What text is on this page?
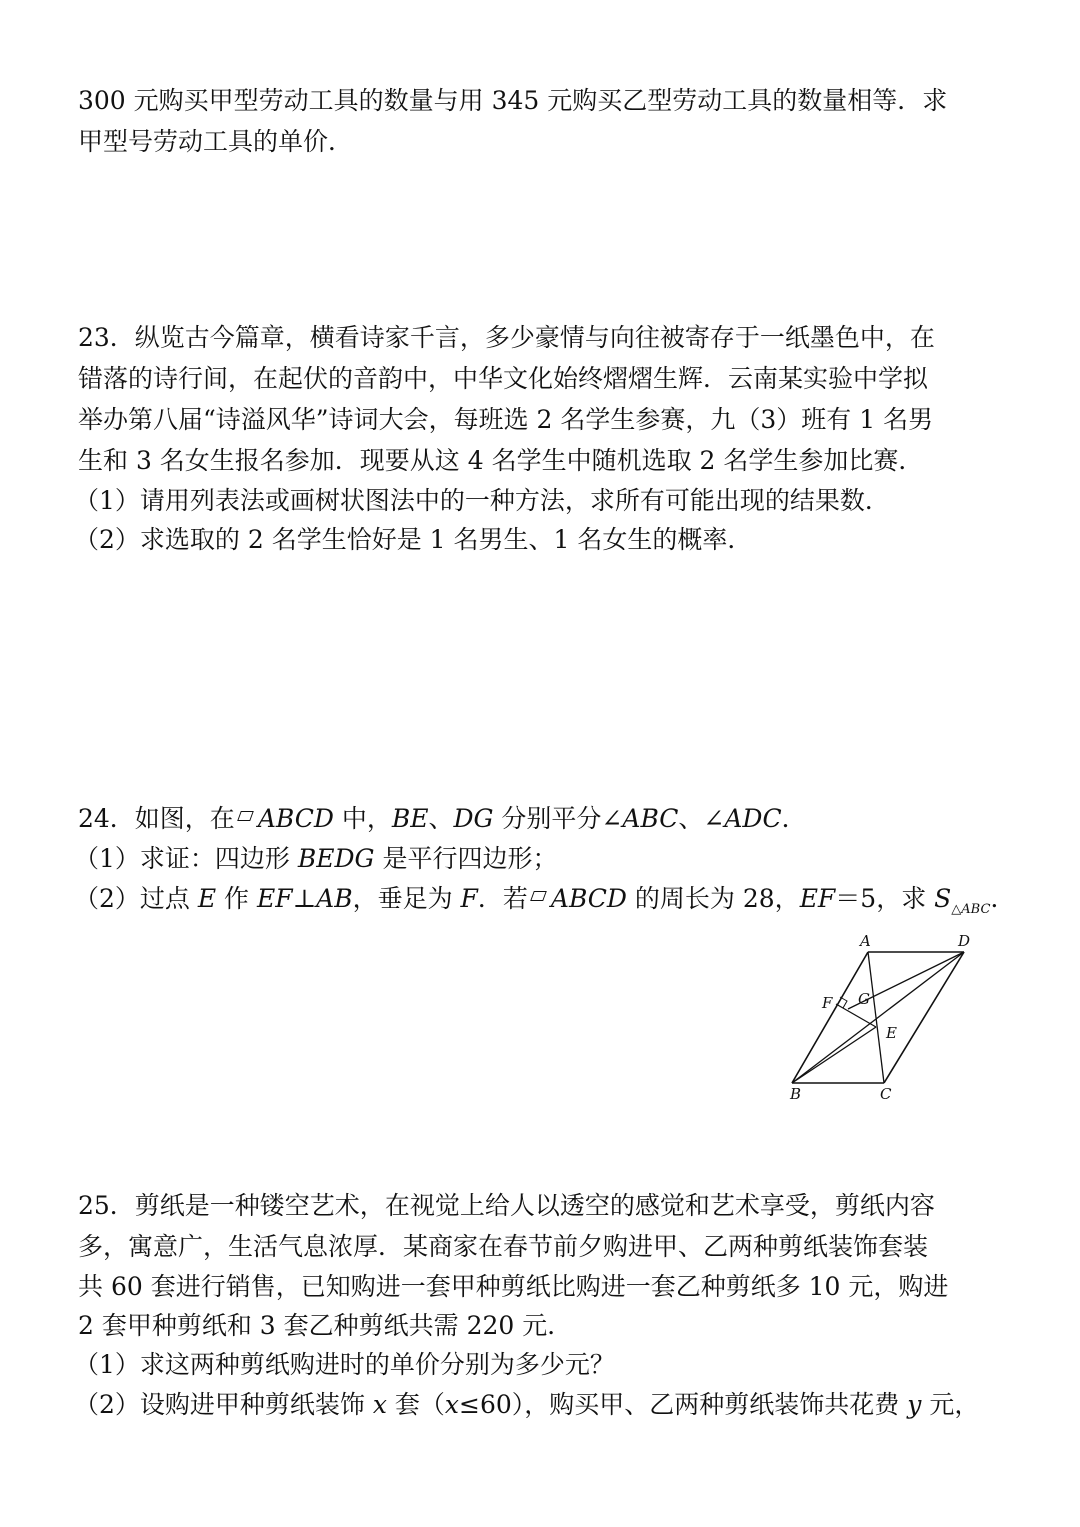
300 元购买甲型劳动工具的数量与用 345 元购买乙型劳动工具的数量相等．求
甲型号劳动工具的单价．
23．纵览古今篇章，横看诗家千言，多少豪情与向往被寄存于一纸墨色中，在
错落的诗行间，在起伏的音韵中，中华文化始终熠熠生辉．云南某实验中学拟
举办第八届“诗溢风华”诗词大会，每班选 2 名学生参赛，九（3）班有 1 名男
生和 3 名女生报名参加．现要从这 4 名学生中随机选取 2 名学生参加比赛．
（1）请用列表法或画树状图法中的一种方法，求所有可能出现的结果数．
（2）求选取的 2 名学生恰好是 1 名男生、1 名女生的概率．
24．如图，在 ABCD 中，BE、DG 分别平分∠ABC、∠ADC．
（1）求证：四边形 BEDG 是平行四边形；
（2）过点 E 作 EF⊥AB，垂足为 F．若 ABCD 的周长为 28，EF＝5，求 $S_{\triangle ABC}$．
A	D
F G
E
B	C
25．剪纸是一种镂空艺术，在视觉上给人以透空的感觉和艺术享受，剪纸内容
多，寓意广，生活气息浓厚．某商家在春节前夕购进甲、乙两种剪纸装饰套装
共 60 套进行销售，已知购进一套甲种剪纸比购进一套乙种剪纸多 10 元，购进
2 套甲种剪纸和 3 套乙种剪纸共需 220 元．
（1）求这两种剪纸购进时的单价分别为多少元？
（2）设购进甲种剪纸装饰 x 套（x≤60），购买甲、乙两种剪纸装饰共花费 y 元，
